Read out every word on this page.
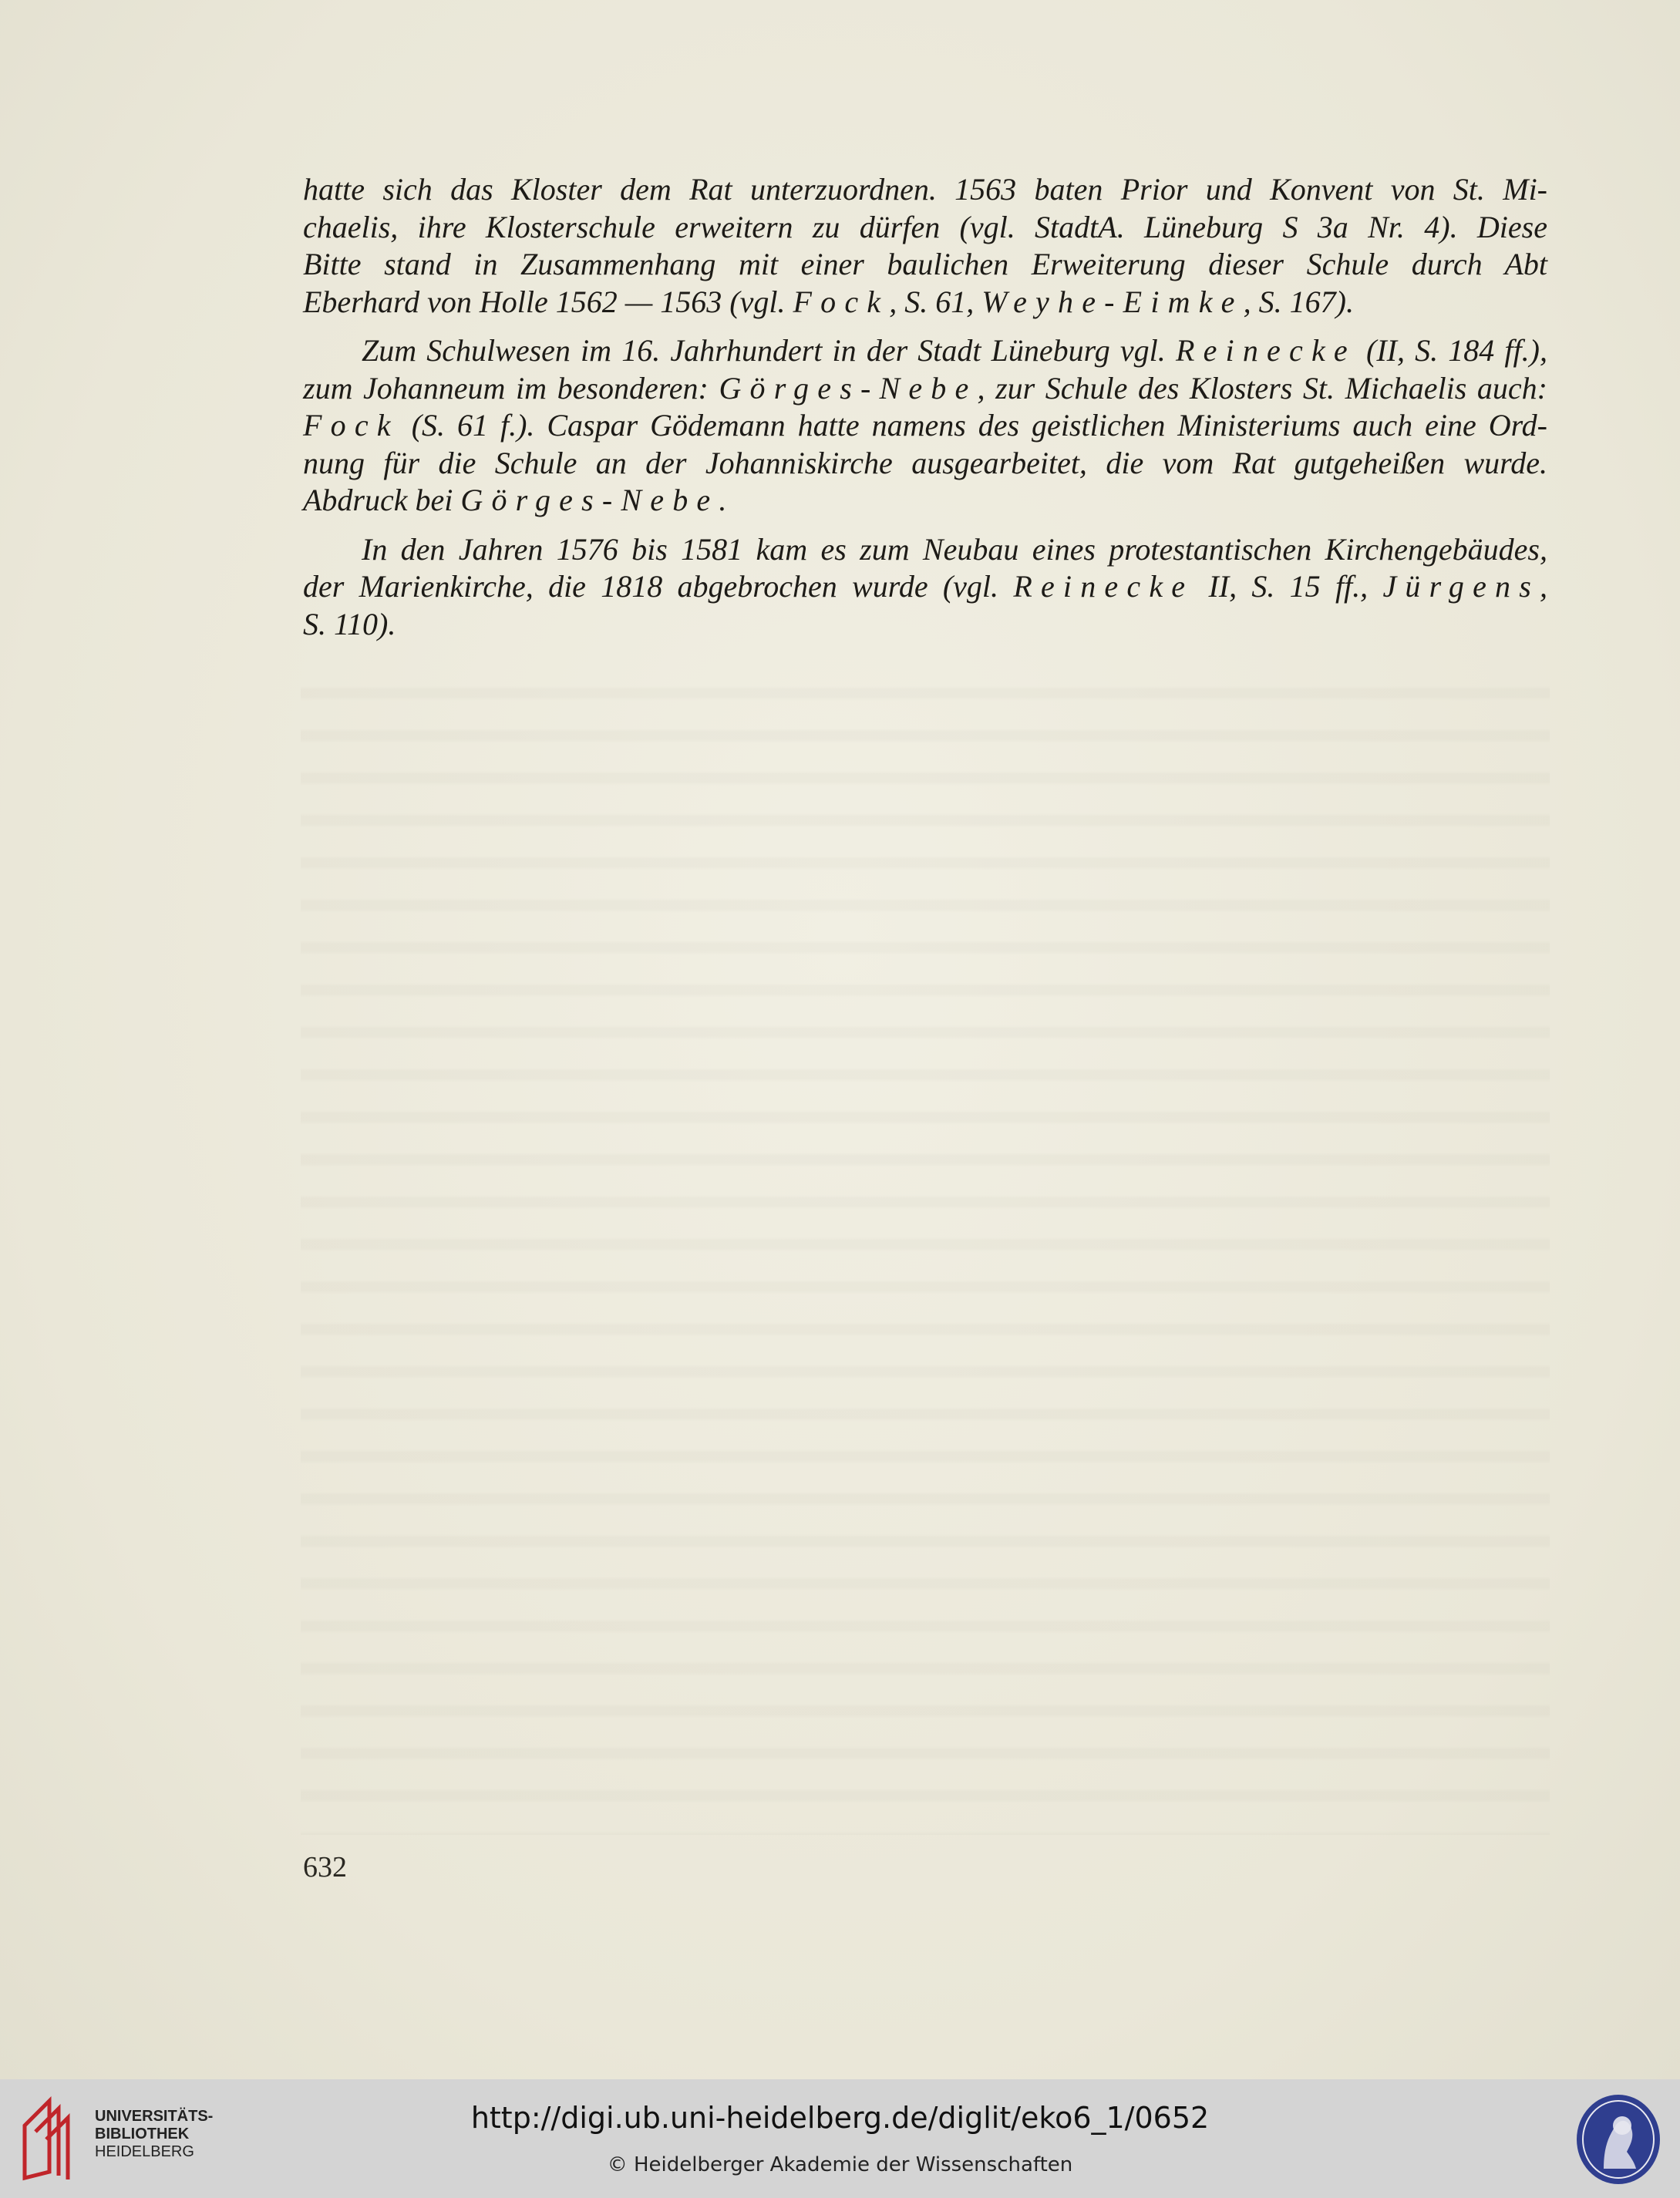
hatte sich das Kloster dem Rat unterzuordnen. 1563 baten Prior und Konvent von St. Mi-
chaelis, ihre Klosterschule erweitern zu dürfen (vgl. StadtA. Lüneburg S 3a Nr. 4). Diese
Bitte stand in Zusammenhang mit einer baulichen Erweiterung dieser Schule durch Abt
Eberhard von Holle 1562 — 1563 (vgl. Fock, S. 61, Weyhe-Eimke, S. 167).

Zum Schulwesen im 16. Jahrhundert in der Stadt Lüneburg vgl. Reinecke (II, S. 184 ff.),
zum Johanneum im besonderen: Görges-Nebe, zur Schule des Klosters St. Michaelis auch:
Fock (S. 61 f.). Caspar Gödemann hatte namens des geistlichen Ministeriums auch eine Ord-
nung für die Schule an der Johanniskirche ausgearbeitet, die vom Rat gutgeheißen wurde.
Abdruck bei Görges-Nebe.

In den Jahren 1576 bis 1581 kam es zum Neubau eines protestantischen Kirchengebäudes,
der Marienkirche, die 1818 abgebrochen wurde (vgl. Reinecke II, S. 15 ff., Jürgens,
S. 110).

632
UNIVERSITÄTS-
BIBLIOTHEK
HEIDELBERG
http://digi.ub.uni-heidelberg.de/diglit/eko6_1/0652
© Heidelberger Akademie der Wissenschaften
